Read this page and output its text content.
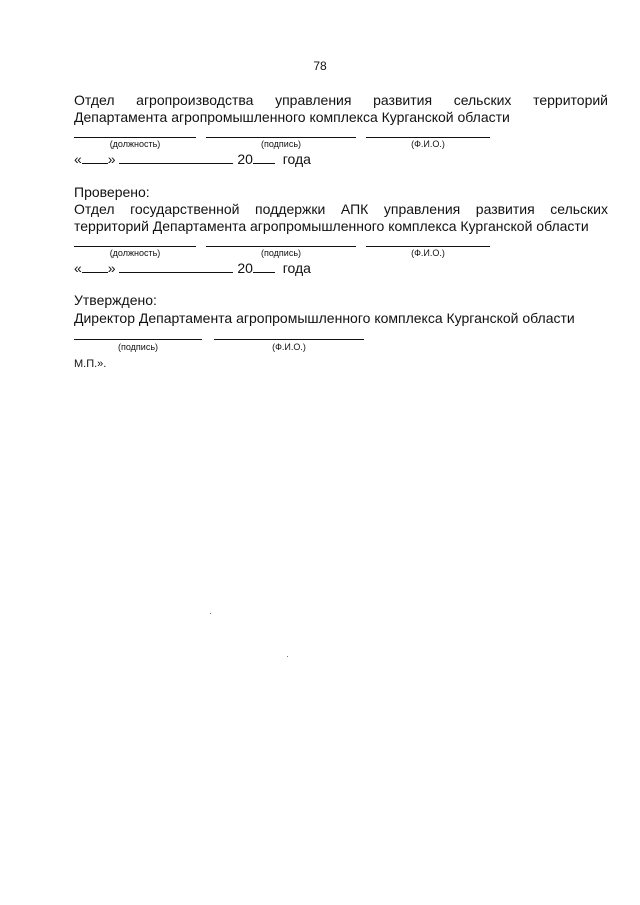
78
Отдел агропроизводства управления развития сельских территорий
Департамента агропромышленного комплекса Курганской области
(должность)	(подпись)	(Ф.И.О.)
« »	20 года
Проверено:
Отдел государственной поддержки АПК управления развития сельских
территорий Департамента агропромышленного комплекса Курганской области
(должность)	(подпись)	(Ф.И.О.)
« »	20 года
Утверждено:
Директор Департамента агропромышленного комплекса Курганской области
(подпись)	(Ф.И.О.)
М.П.».
